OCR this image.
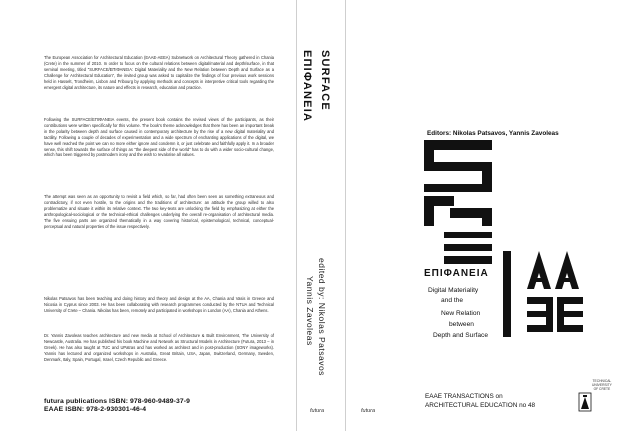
The European Association for Architectural Education (EAAE-AEEA) Subnetwork on Architectural Theory gathered in Chania (Crete) in the summer of 2010. In order to focus on the cultural relations between digital/material and depth/surface, in that seminal meeting, titled "SURFACE/ΕΠΙΦΑΝΕΙΑ: Digital Materiality and the New Relation between Depth and Surface as a Challenge for Architectural Education", the invited group was asked to capitalize the findings of four previous work sessions held in Hasselt, Trondheim, Lisbon and Fribourg by applying methods and concepts in interpretive critical tools regarding the emergent digital architecture, its nature and effects in research, education and practice.

Following the SURFACE/ΕΠΙΦΑΝΕΙΑ events, the present book contains the revised views of the participants, as their contributions were written specifically for this volume. The book's theme acknowledges that there has been an important break in the polarity between depth and surface caused in contemporary architecture by the rise of a new digital materiality and tactility. Following a couple of decades of experimentation and a wide spectrum of enchanting applications of the digital, we have well reached the point we can no more either ignore and condemn it, or just celebrate and faithfully apply it. In a broader sense, this shift towards the surface of things as "the deepest side of the world" has to do with a wider socio-cultural change, which has been triggered by postmodern irony and the wish to revalorise all values.

The attempt was seen as an opportunity to revisit a field which, so far, had often been seen as something extraneous and contradictory, if not even hostile, to the origins and the traditions of architecture: an attitude the group willed to also problematize and situate it within its relative context. The two key-texts are unlocking the field by emphasizing at either the anthropological-sociological or the technical-ethical challenges underlying the overall re-organisation of architectural media. The five ensuing parts are organized thematically in a way covering historical, epistemological, technical, conceptual-perceptual and natural properties of the issue respectively.

Nikolas Patsavos has been teaching and doing history and theory and design at the AA, Chania and Vasis in Greece and Nicosia in Cyprus since 2003. He has been collaborating with research programmes conducted by the NTUA and Technical University of Crete – Chania. Nikolas has been, remotely and participated in workshops in London (AA), Chania and Athens.

Dr. Yannis Zavoleas teaches architecture and new media at School of Architecture & Built Environment, The University of Newcastle, Australia. He has published his book Machine and Network as Structural Models in Architecture (Futura, 2013 – in Greek). He has also taught at TUC and UPatras and has worked as architect and in post-production (SONY imageworks). Yannis has lectured and organized workshops in Australia, Great Britain, USA, Japan, Switzerland, Germany, Sweden, Denmark, Italy, Spain, Portugal, Israel, Czech Republic and Greece.

futura publications ISBN: 978-960-9489-37-9
EAAE ISBN: 978-2-930301-46-4
SURFACE
ΕΠΙΦΑΝΕΙΑ
edited by: Nikolas Patsavos
Yannis Zavoleas
futura
Editors: Nikolas Patsavos, Yannis Zavoleas
ΕΠΙΦΑΝΕΙΑ
Digital Materiality
and the
New Relation
between
Depth and Surface
EAAE TRANSACTIONS on
ARCHITECTURAL EDUCATION no 48
futura
TECHNICAL
UNIVERSITY
OF CRETE
